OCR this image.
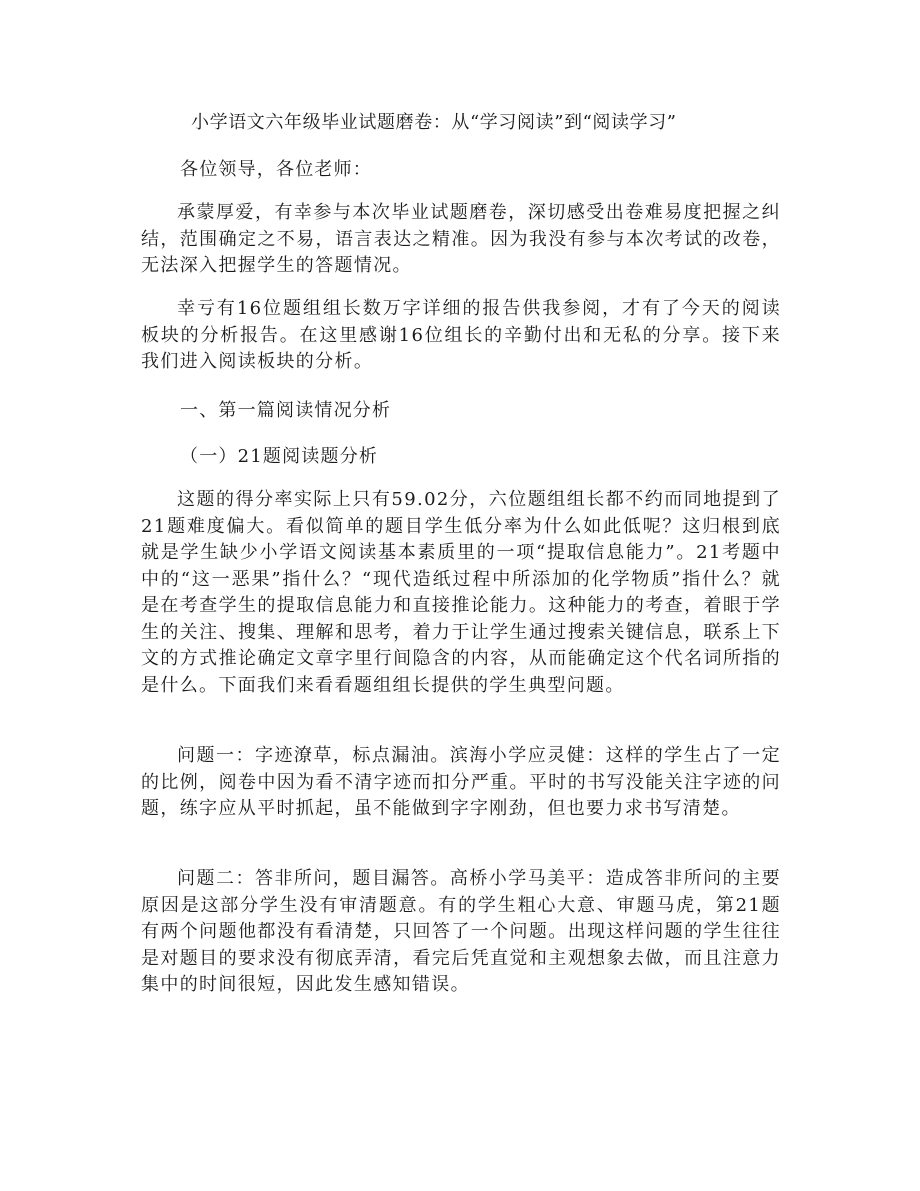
小学语文六年级毕业试题磨卷：从“学习阅读”到“阅读学习”
各位领导，各位老师：

承蒙厚爱，有幸参与本次毕业试题磨卷，深切感受出卷难易度把握之纠结，范围确定之不易，语言表达之精准。因为我没有参与本次考试的改卷，无法深入把握学生的答题情况。

幸亏有16位题组组长数万字详细的报告供我参阅，才有了今天的阅读板块的分析报告。在这里感谢16位组长的辛勤付出和无私的分享。接下来我们进入阅读板块的分析。

一、第一篇阅读情况分析
（一）21题阅读题分析

这题的得分率实际上只有59.02分，六位题组组长都不约而同地提到了21题难度偏大。看似简单的题目学生低分率为什么如此低呢？这归根到底就是学生缺少小学语文阅读基本素质里的一项“提取信息能力”。21考题中中的“这一恶果”指什么？“现代造纸过程中所添加的化学物质”指什么？就是在考查学生的提取信息能力和直接推论能力。这种能力的考查，着眼于学生的关注、搜集、理解和思考，着力于让学生通过搜索关键信息，联系上下文的方式推论确定文章字里行间隐含的内容，从而能确定这个代名词所指的是什么。下面我们来看看题组组长提供的学生典型问题。

问题一：字迹潦草，标点漏油。滨海小学应灵健：这样的学生占了一定的比例，阅卷中因为看不清字迹而扣分严重。平时的书写没能关注字迹的问题，练字应从平时抓起，虽不能做到字字刚劲，但也要力求书写清楚。

问题二：答非所问，题目漏答。高桥小学马美平：造成答非所问的主要原因是这部分学生没有审清题意。有的学生粗心大意、审题马虎，第21题有两个问题他都没有看清楚，只回答了一个问题。出现这样问题的学生往往是对题目的要求没有彻底弄清，看完后凭直觉和主观想象去做，而且注意力集中的时间很短，因此发生感知错误。
